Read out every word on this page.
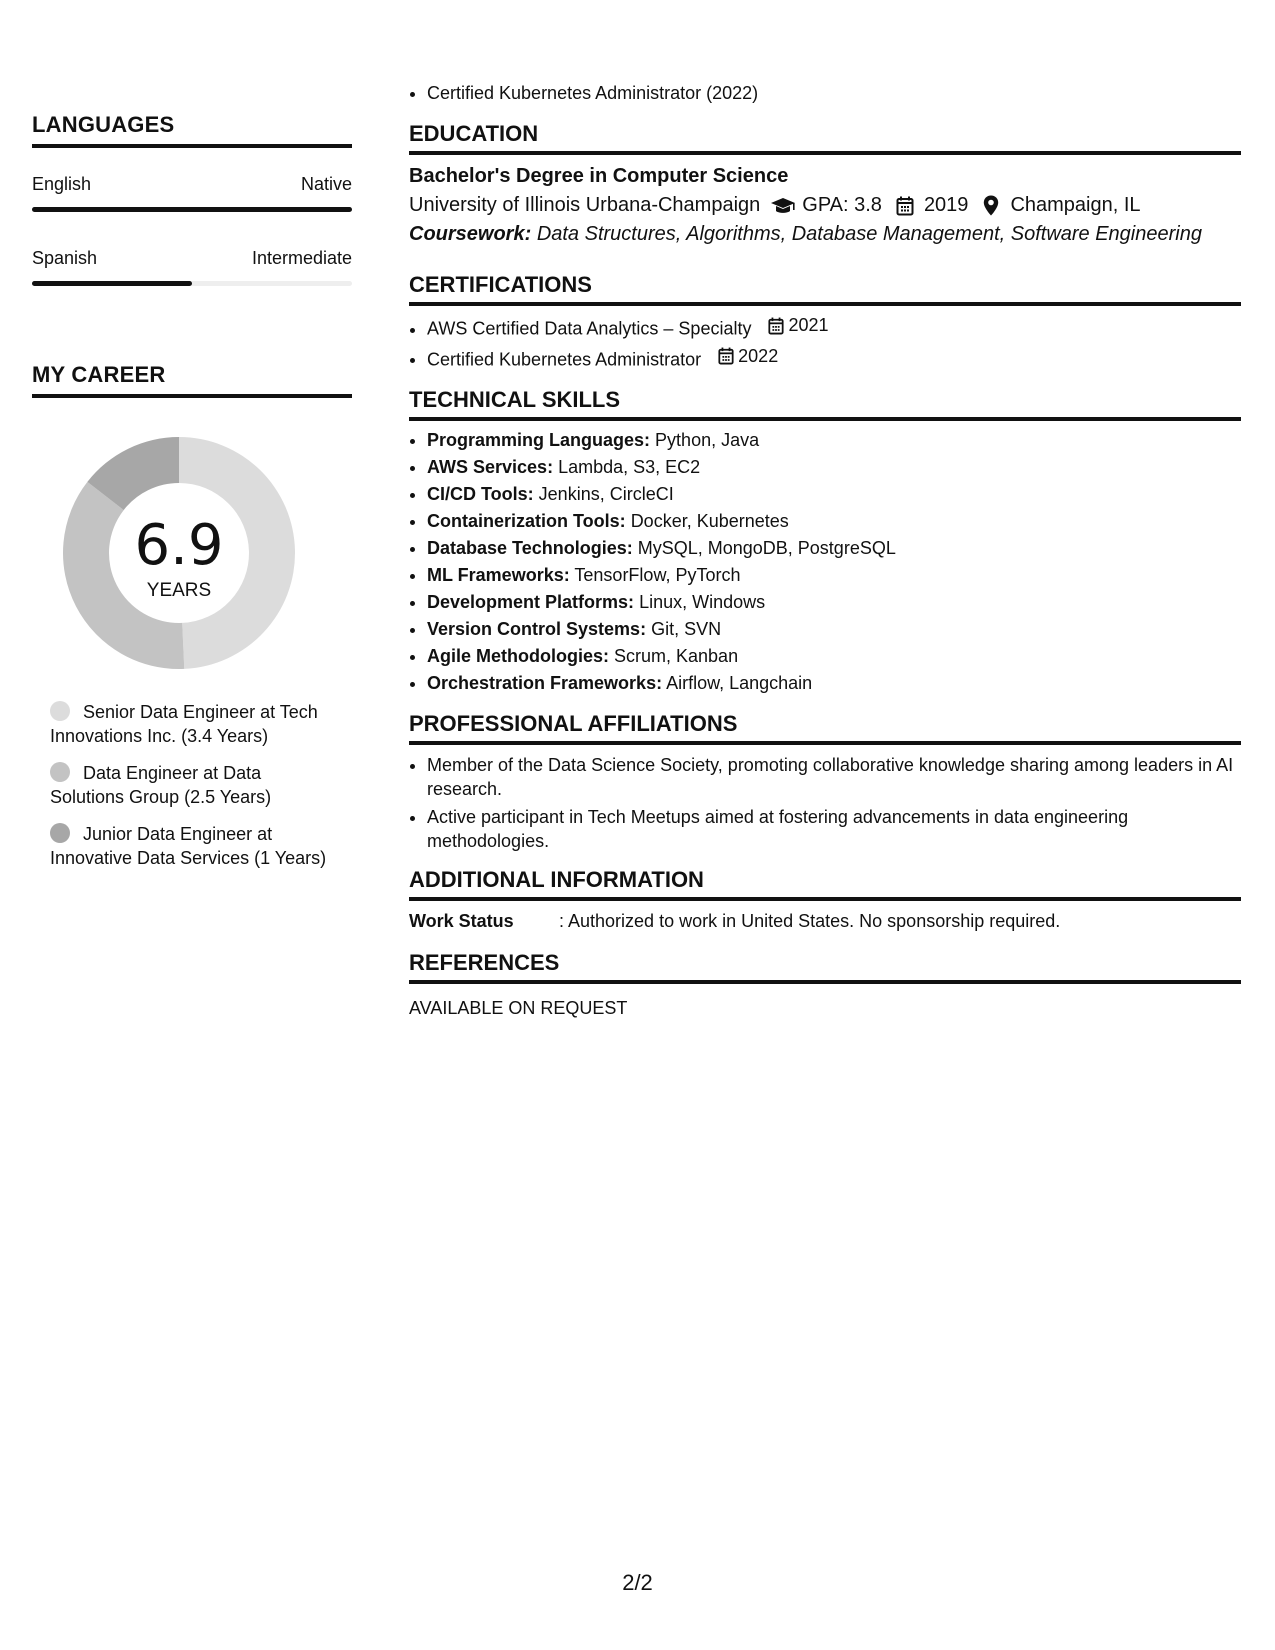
LANGUAGES
English	Native
Spanish	Intermediate
MY CAREER
6.9
YEARS
Senior Data Engineer at Tech Innovations Inc. (3.4 Years)
Data Engineer at Data Solutions Group (2.5 Years)
Junior Data Engineer at Innovative Data Services (1 Years)
• Certified Kubernetes Administrator (2022)
EDUCATION
Bachelor's Degree in Computer Science
University of Illinois Urbana-Champaign GPA: 3.8 2019 Champaign, IL
Coursework: Data Structures, Algorithms, Database Management, Software Engineering
CERTIFICATIONS
• AWS Certified Data Analytics – Specialty 2021
• Certified Kubernetes Administrator 2022
TECHNICAL SKILLS
• Programming Languages: Python, Java
• AWS Services: Lambda, S3, EC2
• CI/CD Tools: Jenkins, CircleCI
• Containerization Tools: Docker, Kubernetes
• Database Technologies: MySQL, MongoDB, PostgreSQL
• ML Frameworks: TensorFlow, PyTorch
• Development Platforms: Linux, Windows
• Version Control Systems: Git, SVN
• Agile Methodologies: Scrum, Kanban
• Orchestration Frameworks: Airflow, Langchain
PROFESSIONAL AFFILIATIONS
• Member of the Data Science Society, promoting collaborative knowledge sharing among leaders in AI research.
• Active participant in Tech Meetups aimed at fostering advancements in data engineering methodologies.
ADDITIONAL INFORMATION
Work Status	: Authorized to work in United States. No sponsorship required.
REFERENCES
AVAILABLE ON REQUEST
2/2
